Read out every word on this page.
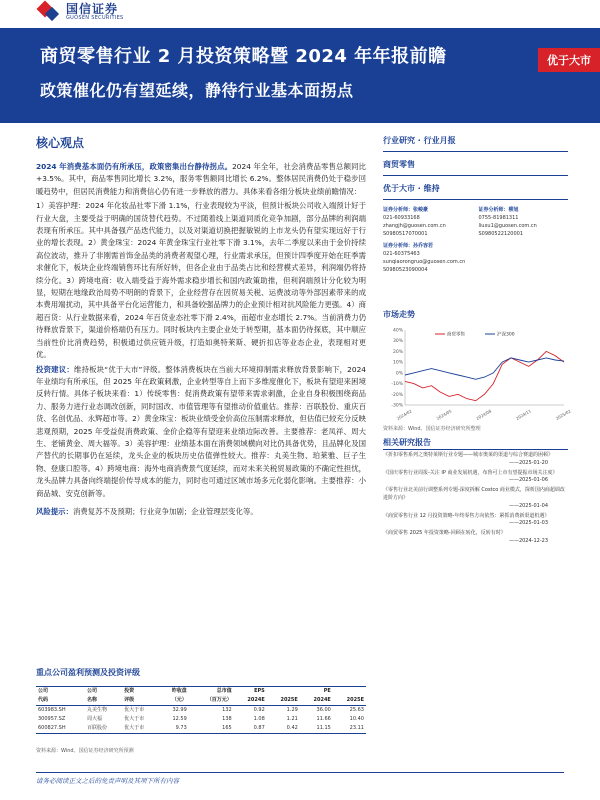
国信证券
GUOSEN SECURITIES
商贸零售行业 2 月投资策略暨 2024 年年报前瞻
政策催化仍有望延续，静待行业基本面拐点
优于大市
核心观点

2024 年消费基本面仍有所承压，政策密集出台静待拐点。2024 年全年，社会消费品零售总额同比+3.5%。其中，商品零售同比增长 3.2%，服务零售额同比增长 6.2%。整体居民消费仍处于稳步回暖趋势中，但居民消费能力和消费信心仍有进一步释放的潜力。具体来看各细分板块业绩前瞻情况：

1）美容护理：2024 年化妆品社零下滑 1.1%，行业表现较为平淡，但预计板块公司收入端预计好于行业大盘，主要受益于明确的国货替代趋势。不过随着线上渠道同质化竞争加剧，部分品牌的利润端表现有所承压。其中具备强产品迭代能力，以及对渠道切换把握敏锐的上市龙头仍有望实现远好于行业的增长表现。2）黄金珠宝：2024 年黄金珠宝行业社零下滑 3.1%，去年二季度以来由于金价持续高位波动，推升了非刚需首饰金品类的消费者观望心理，行业需求承压，但预计四季度开始在旺季需求催化下，板块企业终端销售环比有所好转，但各企业由于品类占比和经营模式差异，利润端仍将持续分化。3）跨境电商：收入端受益于海外需求稳步增长和国内政策助推，但利润端预计分化较为明显，短期在地缘政治局势不明朗的背景下，企业经营存在因贸易关税、运费波动等外部因素带来的成本费用端扰动，其中具备平台化运营能力，和具备较强品牌力的企业预计相对抗风险能力更强。4）商超百货：从行业数据来看，2024 年百货业态社零下滑 2.4%，而超市业态增长 2.7%。当前消费力仍待释放背景下，渠道价格端仍有压力。同时板块内主要企业处于转型期，基本面仍待探底，其中顺应当前性价比消费趋势，积极通过供应链升级，打造如奥特莱斯、硬折扣店等业态企业，表现相对更优。

投资建议：维持板块“优于大市”评级。整体消费板块在当前大环境抑制需求释放背景影响下，2024 年业绩均有所承压，但 2025 年在政策刺激，企业转型等自上而下多维度催化下，板块有望迎来困境反转行情。具体子板块来看：1）传统零售：促消费政策有望带来需求刺激，企业自身积极围绕商品力、服务力进行业态调改创新，同时国改、市值管理等有望推动价值重估。推荐：百联股份、重庆百货、名创优品、永辉超市等。2）黄金珠宝：板块业绩受金价高位压制需求释放，但估值已较充分反映悲观预期，2025 年受益促消费政策、金价企稳等有望迎来业绩边际改善。主要推荐：老凤祥、周大生、老铺黄金、周大福等。3）美容护理：业绩基本面在消费领域横向对比仍具备优势，且品牌化及国产替代的长期事仍在延续，龙头企业的板块历史估值弹性较大。推荐：丸美生物、珀莱雅、巨子生物、登康口腔等。4）跨境电商：海外电商消费景气度延续，而对未来关税贸易政策的不确定性担忧，龙头品牌力具备向终端提价传导成本的能力，同时也可通过区域市场多元化弱化影响。主要推荐：小商品城、安克创新等。

风险提示：消费复苏不及预期；行业竞争加剧；企业管理层变化等。
重点公司盈利预测及投资评级
公司	公司	投资	昨收盘	总市值	EPS		PE	
代码	名称	评级	（元）	（百万元）	2024E	2025E	2024E	2025E
603983.SH	丸美生物	优大于市	32.99	132	0.92	1.29	36.00	25.63
300957.SZ	周大福	优大于市	12.59	138	1.08	1.21	11.66	10.40
600827.SH	百联股份	优大于市	9.73	165	0.87	0.42	11.15	23.11
资料来源：Wind、国信证券经济研究所预测
请务必阅读正文之后的免责声明及其项下所有内容
行业研究 · 行业月报
商贸零售
优于大市 · 维持
证券分析师：张峻豪
021-60933168
zhangjh@guosen.com.cn
S0980517070001
证券分析师：柳旭
0755-81981311
liuxu1@guosen.com.cn
S0980522120001
证券分析师：孙乔容若
021-60375463
sunqiaorongruo@guosen.com.cn
S0980523090004
市场走势
40%
30%
20%
10%
0%
-10%
-20%
-30%
2024/02	2024/05	2024/08	2024/11	2025/02
商贸零售	沪深300
资料来源：Wind、国信证券经济研究所整理
相关研究报告
《折扣零售系列之奥特莱斯行业专题——城市奥莱的渠道与综合赛道的困顿》
——2025-01-20
《国庆零售行业周报-关注 IP 商业发展机遇，布鲁可上市有望提振市场关注度》
——2025-01-06
《零售行业北美前行调整系列专题-深度拆解 Costco 商业模式，探析国内商超调改进阶方向》
——2025-01-04
《商贸零售行业 12 月投资策略-年终零售方向依然：紧抓消费新渠道机遇》
——2025-01-03
《商贸零售 2025 年投资策略-回顾在转化，反转有时》
——2024-12-23
